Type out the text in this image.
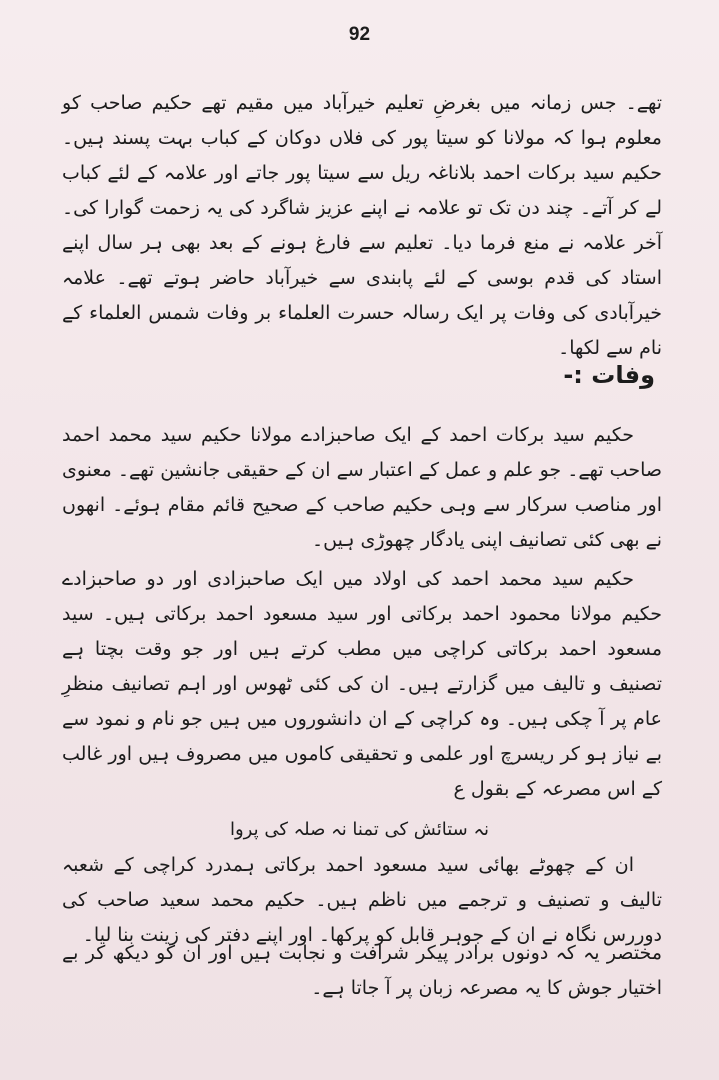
92

تھے۔ جس زمانہ میں بغرضِ تعلیم خیرآباد میں مقیم تھے حکیم صاحب کو معلوم ہوا کہ مولانا کو سیتا پور کی فلاں دوکان کے کباب بہت پسند ہیں۔ حکیم سید برکات احمد بلاناغہ ریل سے سیتا پور جاتے اور علامہ کے لئے کباب لے کر آتے۔ چند دن تک تو علامہ نے اپنے عزیز شاگرد کی یہ زحمت گوارا کی۔ آخر علامہ نے منع فرما دیا۔ تعلیم سے فارغ ہونے کے بعد بھی ہر سال اپنے استاد کی قدم بوسی کے لئے پابندی سے خیرآباد حاضر ہوتے تھے۔ علامہ خیرآبادی کی وفات پر ایک رسالہ حسرت العلماء بر وفات شمس العلماء کے نام سے لکھا۔

وفات :-

حکیم سید برکات احمد کے ایک صاحبزادے مولانا حکیم سید محمد احمد صاحب تھے۔ جو علم و عمل کے اعتبار سے ان کے حقیقی جانشین تھے۔ معنوی اور مناصب سرکار سے وہی حکیم صاحب کے صحیح قائم مقام ہوئے۔ انھوں نے بھی کئی تصانیف اپنی یادگار چھوڑی ہیں۔

حکیم سید محمد احمد کی اولاد میں ایک صاحبزادی اور دو صاحبزادے حکیم مولانا محمود احمد برکاتی اور سید مسعود احمد برکاتی ہیں۔ سید مسعود احمد برکاتی کراچی میں مطب کرتے ہیں اور جو وقت بچتا ہے تصنیف و تالیف میں گزارتے ہیں۔ ان کی کئی ٹھوس اور اہم تصانیف منظرِ عام پر آ چکی ہیں۔ وہ کراچی کے ان دانشوروں میں ہیں جو نام و نمود سے بے نیاز ہو کر ریسرچ اور علمی و تحقیقی کاموں میں مصروف ہیں اور غالب کے اس مصرعہ کے بقول ع

نہ ستائش کی تمنا نہ صلہ کی پروا

ان کے چھوٹے بھائی سید مسعود احمد برکاتی ہمدرد کراچی کے شعبہ تالیف و تصنیف و ترجمے میں ناظم ہیں۔ حکیم محمد سعید صاحب کی دوررس نگاہ نے ان کے جوہر قابل کو پرکھا۔ اور اپنے دفتر کی زینت بنا لیا۔

مختصر یہ کہ دونوں برادر پیکر شرافت و نجابت ہیں اور ان کو دیکھ کر بے اختیار جوش کا یہ مصرعہ زبان پر آ جاتا ہے۔
